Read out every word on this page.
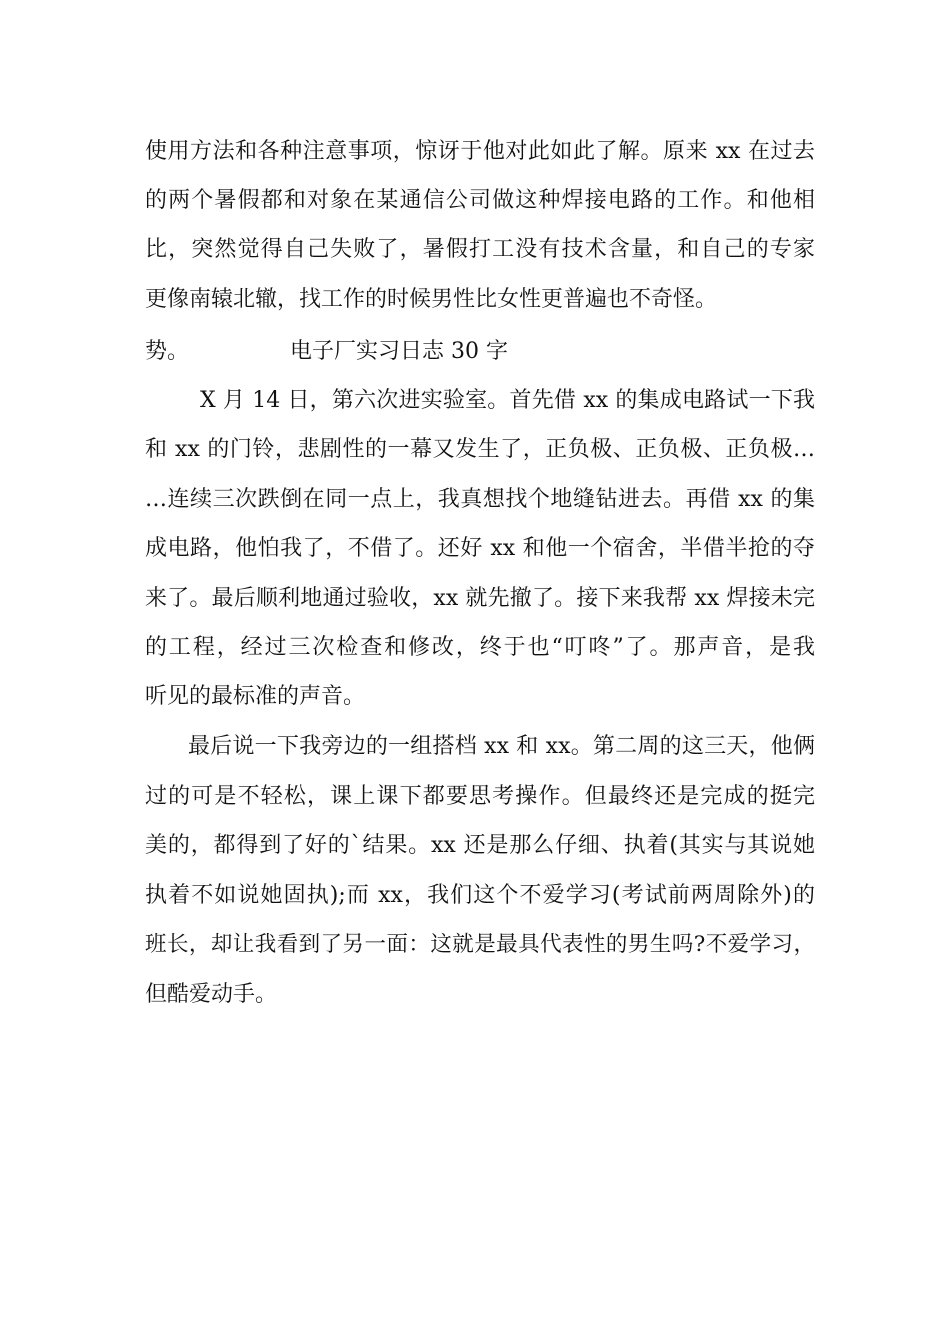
使用方法和各种注意事项，惊讶于他对此如此了解。原来 xx 在过去
的两个暑假都和对象在某通信公司做这种焊接电路的工作。和他相
比，突然觉得自己失败了，暑假打工没有技术含量，和自己的专家
更像南辕北辙，找工作的时候男性比女性更普遍也不奇怪。
势。	电子厂实习日志 30 字
X 月 14 日，第六次进实验室。首先借 xx 的集成电路试一下我
和 xx 的门铃，悲剧性的一幕又发生了，正负极、正负极、正负极…
…连续三次跌倒在同一点上，我真想找个地缝钻进去。再借 xx 的集
成电路，他怕我了，不借了。还好 xx 和他一个宿舍，半借半抢的夺
来了。最后顺利地通过验收，xx 就先撤了。接下来我帮 xx 焊接未完
的工程，经过三次检查和修改，终于也“叮咚”了。那声音，是我
听见的最标准的声音。
最后说一下我旁边的一组搭档 xx 和 xx。第二周的这三天，他俩
过的可是不轻松，课上课下都要思考操作。但最终还是完成的挺完
美的，都得到了好的`结果。xx 还是那么仔细、执着(其实与其说她
执着不如说她固执);而 xx，我们这个不爱学习(考试前两周除外)的
班长，却让我看到了另一面：这就是最具代表性的男生吗?不爱学习，
但酷爱动手。
